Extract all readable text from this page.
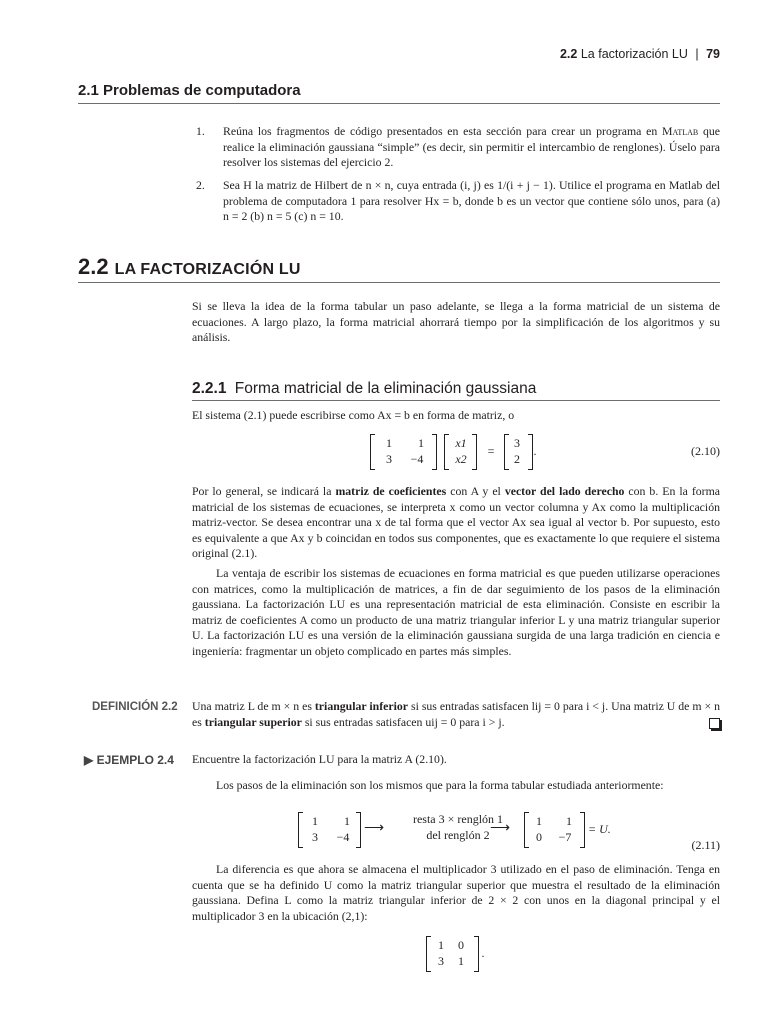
2.2 La factorización LU | 79
2.1 Problemas de computadora
1. Reúna los fragmentos de código presentados en esta sección para crear un programa en Matlab que realice la eliminación gaussiana “simple” (es decir, sin permitir el intercambio de renglones). Úselo para resolver los sistemas del ejercicio 2.
2. Sea H la matriz de Hilbert de n × n, cuya entrada (i, j) es 1/(i + j − 1). Utilice el programa en Matlab del problema de computadora 1 para resolver Hx = b, donde b es un vector que contiene sólo unos, para (a) n = 2 (b) n = 5 (c) n = 10.
2.2 LA FACTORIZACIÓN LU
Si se lleva la idea de la forma tabular un paso adelante, se llega a la forma matricial de un sistema de ecuaciones. A largo plazo, la forma matricial ahorrará tiempo por la simplificación de los algoritmos y su análisis.
2.2.1 Forma matricial de la eliminación gaussiana
El sistema (2.1) puede escribirse como Ax = b en forma de matriz, o
1	1
3	−4
x1
x2
=
3
2
.	(2.10)
Por lo general, se indicará la matriz de coeficientes con A y el vector del lado derecho con b. En la forma matricial de los sistemas de ecuaciones, se interpreta x como un vector columna y Ax como la multiplicación matriz-vector. Se desea encontrar una x de tal forma que el vector Ax sea igual al vector b. Por supuesto, esto es equivalente a que Ax y b coincidan en todos sus componentes, que es exactamente lo que requiere el sistema original (2.1).
La ventaja de escribir los sistemas de ecuaciones en forma matricial es que pueden utilizarse operaciones con matrices, como la multiplicación de matrices, a fin de dar seguimiento de los pasos de la eliminación gaussiana. La factorización LU es una representación matricial de esta eliminación. Consiste en escribir la matriz de coeficientes A como un producto de una matriz triangular inferior L y una matriz triangular superior U. La factorización LU es una versión de la eliminación gaussiana surgida de una larga tradición en ciencia e ingeniería: fragmentar un objeto complicado en partes más simples.
DEFINICIÓN 2.2 Una matriz L de m × n es triangular inferior si sus entradas satisfacen lij = 0 para i < j. Una matriz U de m × n es triangular superior si sus entradas satisfacen uij = 0 para i > j.
▶ EJEMPLO 2.4 Encuentre la factorización LU para la matriz A (2.10).
Los pasos de la eliminación son los mismos que para la forma tabular estudiada anteriormente:
1	1
3	−4
⟶
resta 3 × renglón 1
del renglón 2 ⟶	1	1
0	−7
= U.
(2.11)
La diferencia es que ahora se almacena el multiplicador 3 utilizado en el paso de eliminación. Tenga en cuenta que se ha definido U como la matriz triangular superior que muestra el resultado de la eliminación gaussiana. Defina L como la matriz triangular inferior de 2 × 2 con unos en la diagonal principal y el multiplicador 3 en la ubicación (2,1):
1	0
3	1
.
